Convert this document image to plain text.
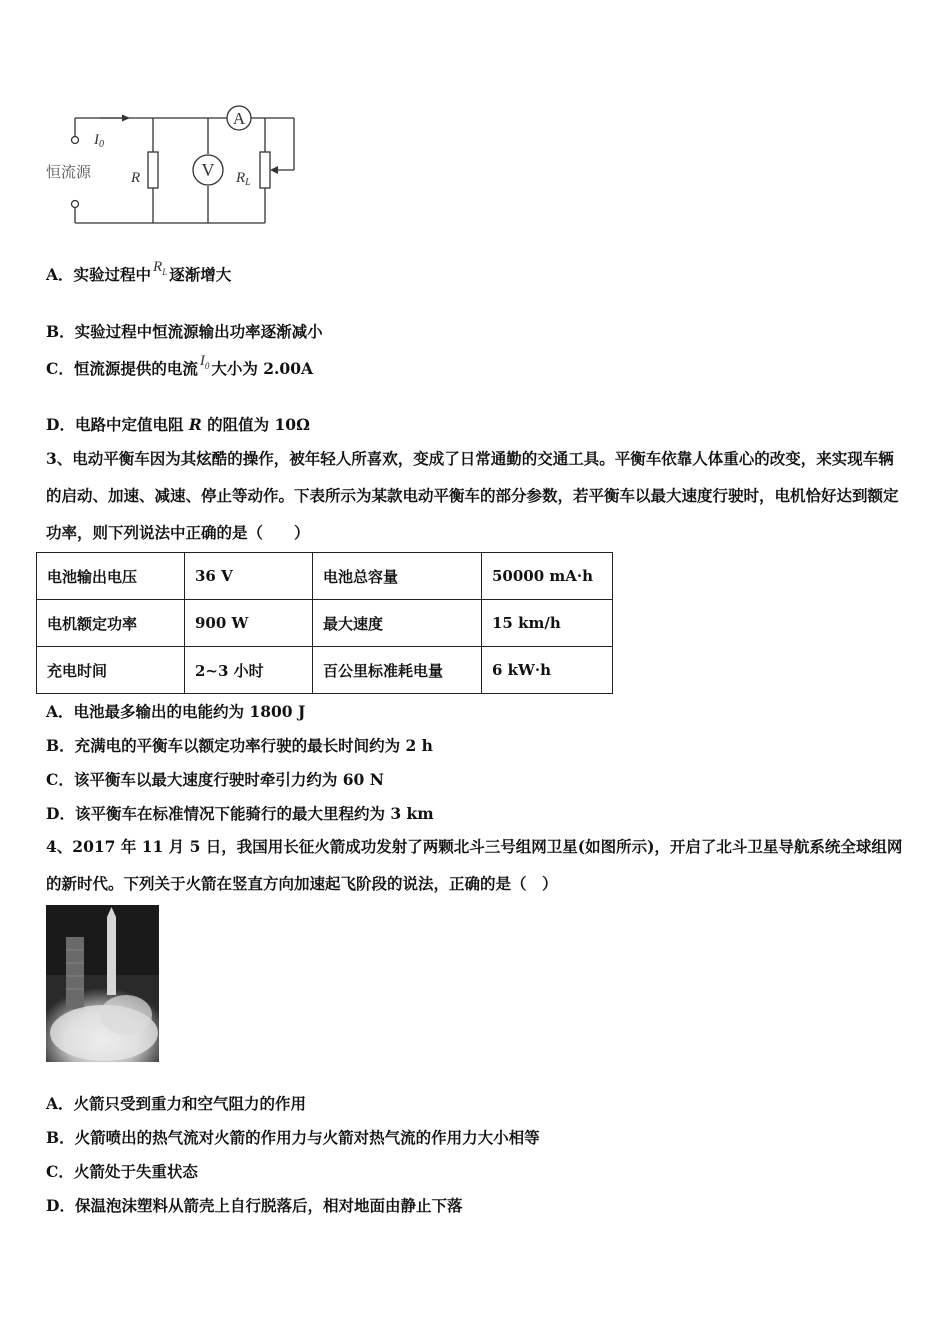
A
V
恒流源
$I_0$
R	$R_L$
A．实验过程中 $R_L$ 逐渐增大
B．实验过程中恒流源输出功率逐渐减小
C．恒流源提供的电流 $I_0$ 大小为 2.00A
D．电路中定值电阻 R 的阻值为 10Ω
3、电动平衡车因为其炫酷的操作，被年轻人所喜欢，变成了日常通勤的交通工具。平衡车依靠人体重心的改变，来实现车辆的启动、加速、减速、停止等动作。下表所示为某款电动平衡车的部分参数，若平衡车以最大速度行驶时，电机恰好达到额定功率，则下列说法中正确的是（　　）
电池输出电压	36 V	电池总容量	50000 mA·h
电机额定功率	900 W	最大速度	15 km/h
充电时间	2~3 小时	百公里标准耗电量	6 kW·h
A．电池最多输出的电能约为 1800 J
B．充满电的平衡车以额定功率行驶的最长时间约为 2 h
C．该平衡车以最大速度行驶时牵引力约为 60 N
D．该平衡车在标准情况下能骑行的最大里程约为 3 km
4、2017 年 11 月 5 日，我国用长征火箭成功发射了两颗北斗三号组网卫星(如图所示)，开启了北斗卫星导航系统全球组网的新时代。下列关于火箭在竖直方向加速起飞阶段的说法，正确的是（　）
A．火箭只受到重力和空气阻力的作用
B．火箭喷出的热气流对火箭的作用力与火箭对热气流的作用力大小相等
C．火箭处于失重状态
D．保温泡沫塑料从箭壳上自行脱落后，相对地面由静止下落
